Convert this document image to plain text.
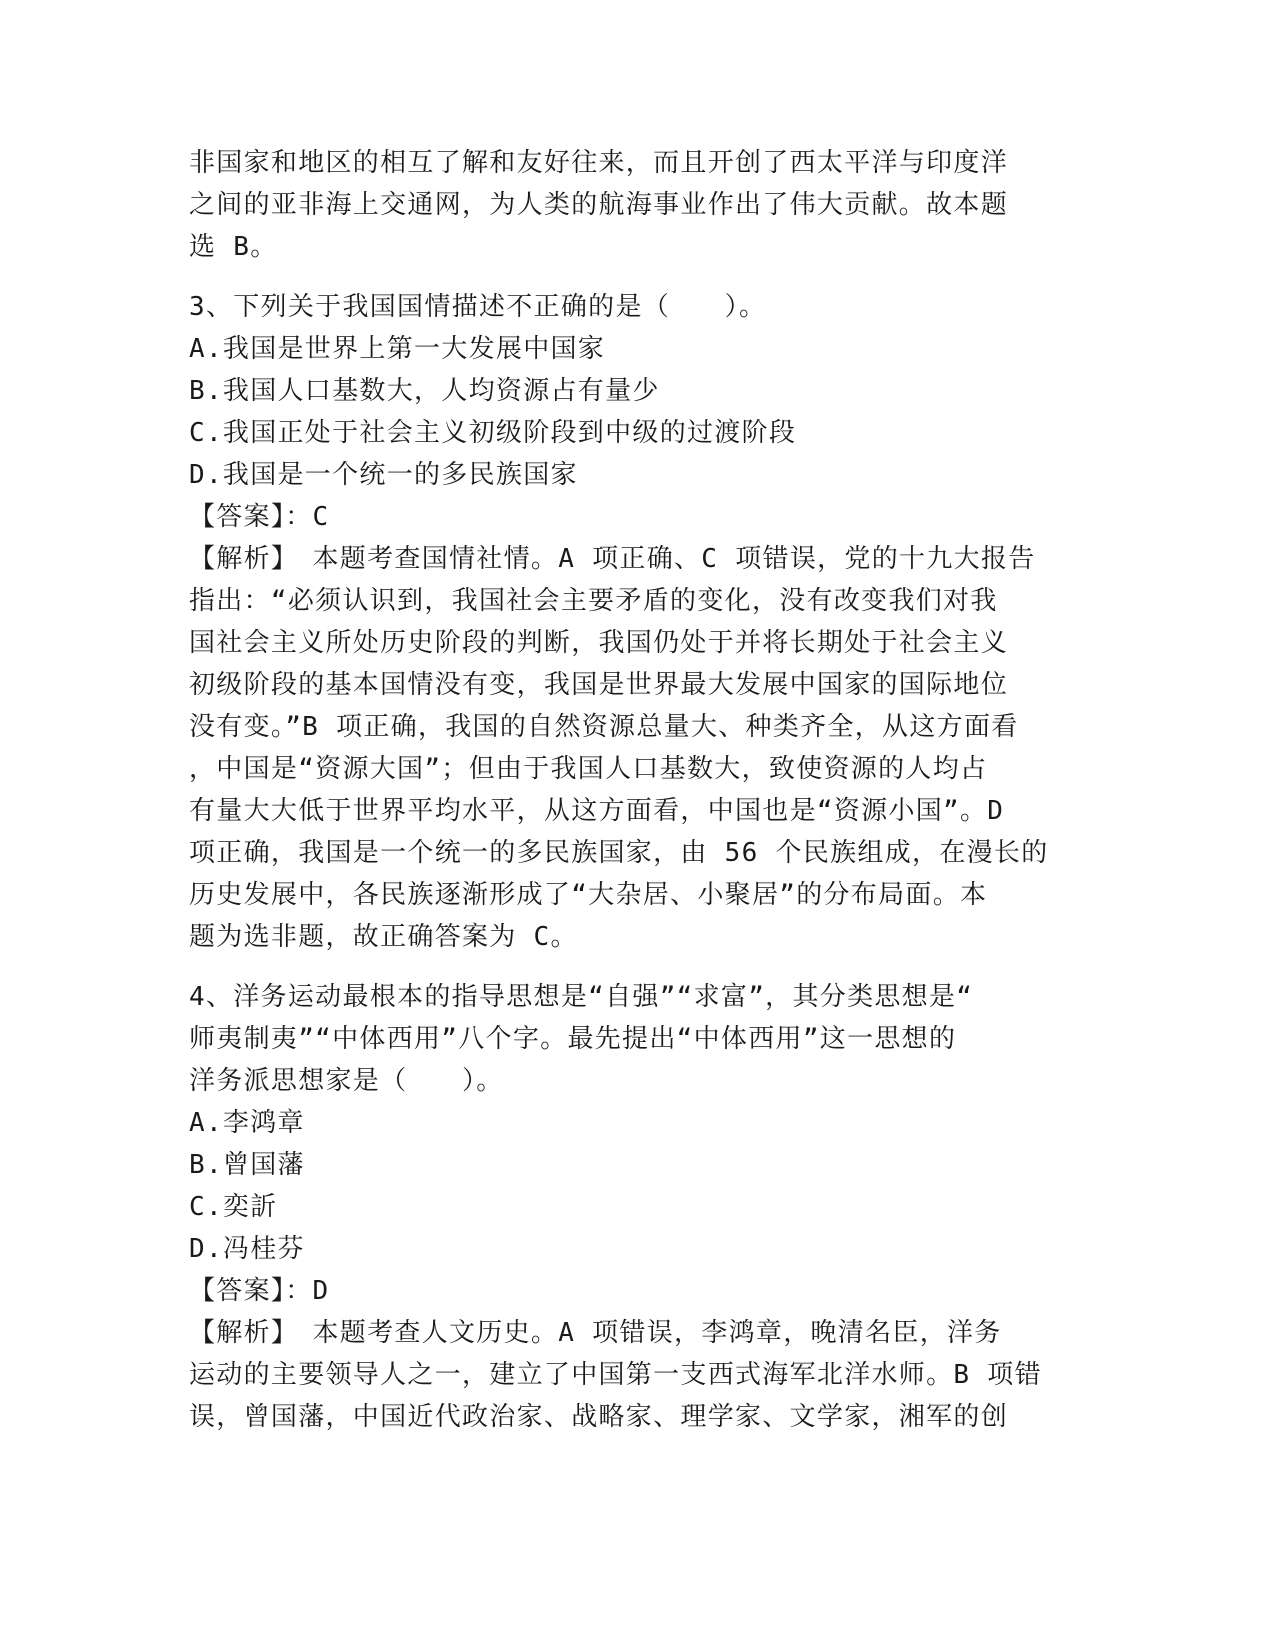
非国家和地区的相互了解和友好往来，而且开创了西太平洋与印度洋
之间的亚非海上交通网，为人类的航海事业作出了伟大贡献。故本题
选 B。
3、下列关于我国国情描述不正确的是（　　）。
A.我国是世界上第一大发展中国家
B.我国人口基数大，人均资源占有量少
C.我国正处于社会主义初级阶段到中级的过渡阶段
D.我国是一个统一的多民族国家
【答案】：C
【解析】　本题考查国情社情。A 项正确、C 项错误，党的十九大报告
指出：“必须认识到，我国社会主要矛盾的变化，没有改变我们对我
国社会主义所处历史阶段的判断，我国仍处于并将长期处于社会主义
初级阶段的基本国情没有变，我国是世界最大发展中国家的国际地位
没有变。”B 项正确，我国的自然资源总量大、种类齐全，从这方面看
，中国是“资源大国”；但由于我国人口基数大，致使资源的人均占
有量大大低于世界平均水平，从这方面看，中国也是“资源小国”。D
项正确，我国是一个统一的多民族国家，由 56 个民族组成，在漫长的
历史发展中，各民族逐渐形成了“大杂居、小聚居”的分布局面。本
题为选非题，故正确答案为 C。
4、洋务运动最根本的指导思想是“自强”“求富”，其分类思想是“
师夷制夷”“中体西用”八个字。最先提出“中体西用”这一思想的
洋务派思想家是（　　）。
A.李鸿章
B.曾国藩
C.奕訢
D.冯桂芬
【答案】：D
【解析】　本题考查人文历史。A 项错误，李鸿章，晚清名臣，洋务
运动的主要领导人之一，建立了中国第一支西式海军北洋水师。B 项错
误，曾国藩，中国近代政治家、战略家、理学家、文学家，湘军的创
